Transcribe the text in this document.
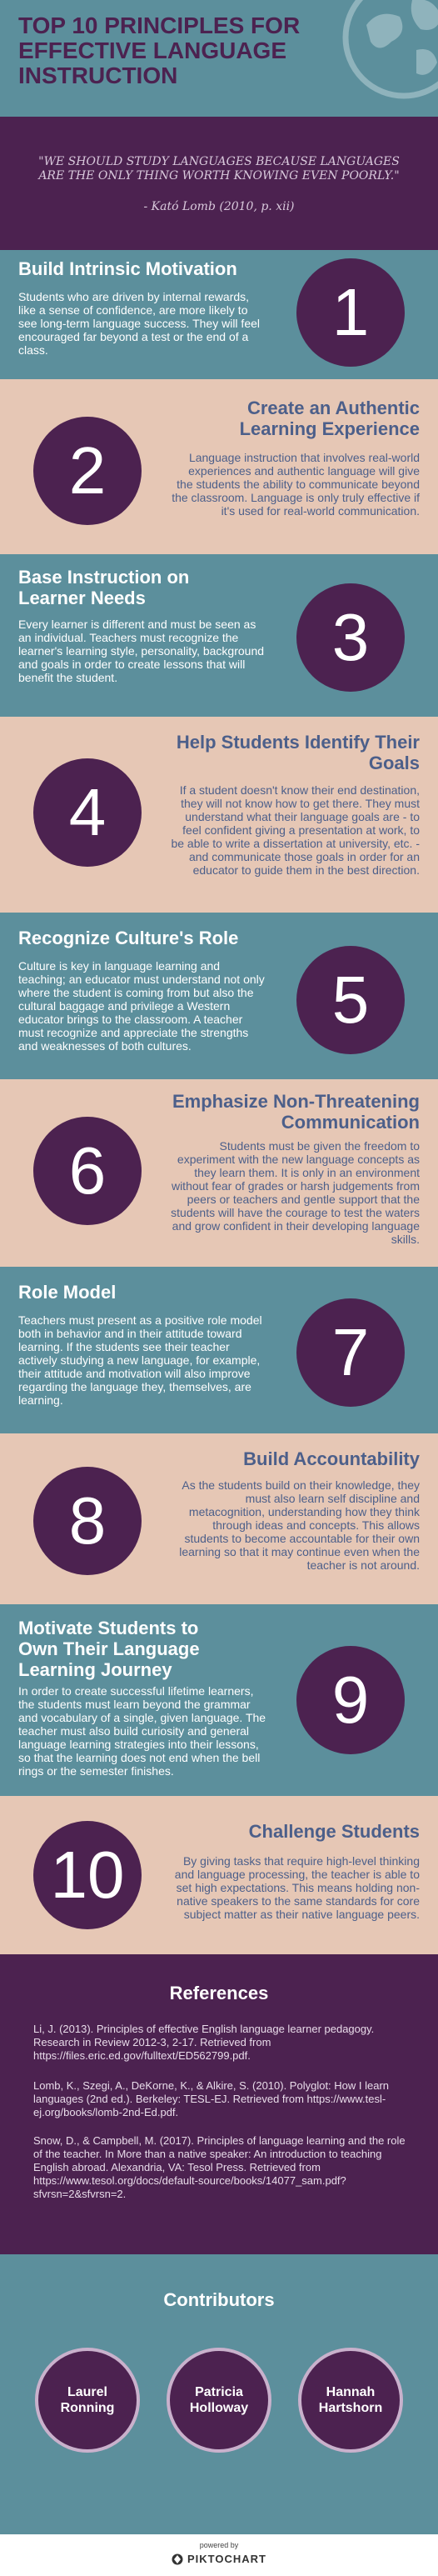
TOP 10 PRINCIPLES FOR EFFECTIVE LANGUAGE INSTRUCTION

"WE SHOULD STUDY LANGUAGES BECAUSE LANGUAGES ARE THE ONLY THING WORTH KNOWING EVEN POORLY."

- Kató Lomb (2010, p. xii)

Build Intrinsic Motivation

Students who are driven by internal rewards, like a sense of confidence, are more likely to see long-term language success. They will feel encouraged far beyond a test or the end of a class.

1
Create an Authentic Learning Experience

Language instruction that involves real-world experiences and authentic language will give the students the ability to communicate beyond the classroom. Language is only truly effective if it's used for real-world communication.

2
Base Instruction on Learner Needs

Every learner is different and must be seen as an individual. Teachers must recognize the learner's learning style, personality, background and goals in order to create lessons that will benefit the student.

3
Help Students Identify Their Goals

If a student doesn't know their end destination, they will not know how to get there. They must understand what their language goals are - to feel confident giving a presentation at work, to be able to write a dissertation at university, etc. - and communicate those goals in order for an educator to guide them in the best direction.

4
Recognize Culture's Role

Culture is key in language learning and teaching; an educator must understand not only where the student is coming from but also the cultural baggage and privilege a Western educator brings to the classroom. A teacher must recognize and appreciate the strengths and weaknesses of both cultures.

5
Emphasize Non-Threatening Communication

Students must be given the freedom to experiment with the new language concepts as they learn them. It is only in an environment without fear of grades or harsh judgements from peers or teachers and gentle support that the students will have the courage to test the waters and grow confident in their developing language skills.

6
Role Model

Teachers must present as a positive role model both in behavior and in their attitude toward learning. If the students see their teacher actively studying a new language, for example, their attitude and motivation will also improve regarding the language they, themselves, are learning.

7
Build Accountability

As the students build on their knowledge, they must also learn self discipline and metacognition, understanding how they think through ideas and concepts. This allows students to become accountable for their own learning so that it may continue even when the teacher is not around.

8
Motivate Students to Own Their Language Learning Journey

In order to create successful lifetime learners, the students must learn beyond the grammar and vocabulary of a single, given language. The teacher must also build curiosity and general language learning strategies into their lessons, so that the learning does not end when the bell rings or the semester finishes.

9
Challenge Students

By giving tasks that require high-level thinking and language processing, the teacher is able to set high expectations. This means holding non-native speakers to the same standards for core subject matter as their native language peers.

10
References

Li, J. (2013). Principles of effective English language learner pedagogy. Research in Review 2012-3, 2-17. Retrieved from https://files.eric.ed.gov/fulltext/ED562799.pdf.

Lomb, K., Szegi, A., DeKorne, K., & Alkire, S. (2010). Polyglot: How I learn languages (2nd ed.). Berkeley: TESL-EJ. Retrieved from https://www.tesl-ej.org/books/lomb-2nd-Ed.pdf.

Snow, D., & Campbell, M. (2017). Principles of language learning and the role of the teacher. In More than a native speaker: An introduction to teaching English abroad. Alexandria, VA: Tesol Press. Retrieved from https://www.tesol.org/docs/default-source/books/14077_sam.pdf?sfvrsn=2&sfvrsn=2.

Contributors
Laurel Ronning
Patricia Holloway
Hannah Hartshorn
powered by
PIKTOCHART
